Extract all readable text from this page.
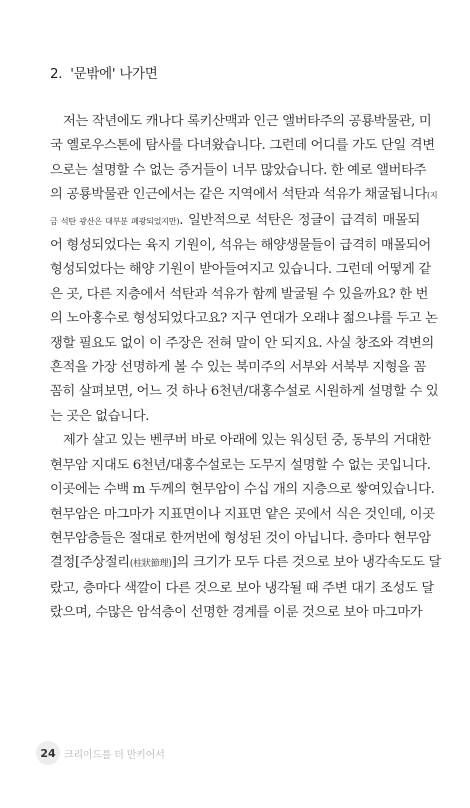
2. '문밖에' 나가면

저는 작년에도 캐나다 록키산맥과 인근 앨버타주의 공룡박물관, 미

국 옐로우스톤에 탐사를 다녀왔습니다. 그런데 어디를 가도 단일 격변

으로는 설명할 수 없는 증거들이 너무 많았습니다. 한 예로 앨버타주

의 공룡박물관 인근에서는 같은 지역에서 석탄과 석유가 채굴됩니다(지

금 석탄 광산은 대부분 폐광되었지만). 일반적으로 석탄은 정글이 급격히 매몰되

어 형성되었다는 육지 기원이, 석유는 해양생물들이 급격히 매몰되어

형성되었다는 해양 기원이 받아들여지고 있습니다. 그런데 어떻게 같

은 곳, 다른 지층에서 석탄과 석유가 함께 발굴될 수 있을까요? 한 번

의 노아홍수로 형성되었다고요? 지구 연대가 오래냐 젊으냐를 두고 논

쟁할 필요도 없이 이 주장은 전혀 말이 안 되지요. 사실 창조와 격변의

흔적을 가장 선명하게 볼 수 있는 북미주의 서부와 서북부 지형을 꼼

꼼히 살펴보면, 어느 것 하나 6천년/대홍수설로 시원하게 설명할 수 있

는 곳은 없습니다.

제가 살고 있는 벤쿠버 바로 아래에 있는 워싱턴 중, 동부의 거대한

현무암 지대도 6천년/대홍수설로는 도무지 설명할 수 없는 곳입니다.

이곳에는 수백 m 두께의 현무암이 수십 개의 지층으로 쌓여있습니다.

현무암은 마그마가 지표면이나 지표면 얕은 곳에서 식은 것인데, 이곳

현무암층들은 절대로 한꺼번에 형성된 것이 아닙니다. 층마다 현무암

결정[주상절리(柱狀節理)]의 크기가 모두 다른 것으로 보아 냉각속도도 달

랐고, 층마다 색깔이 다른 것으로 보아 냉각될 때 주변 대기 조성도 달

랐으며, 수많은 암석층이 선명한 경계를 이룬 것으로 보아 마그마가

24 크리이드를 더 만키어서
